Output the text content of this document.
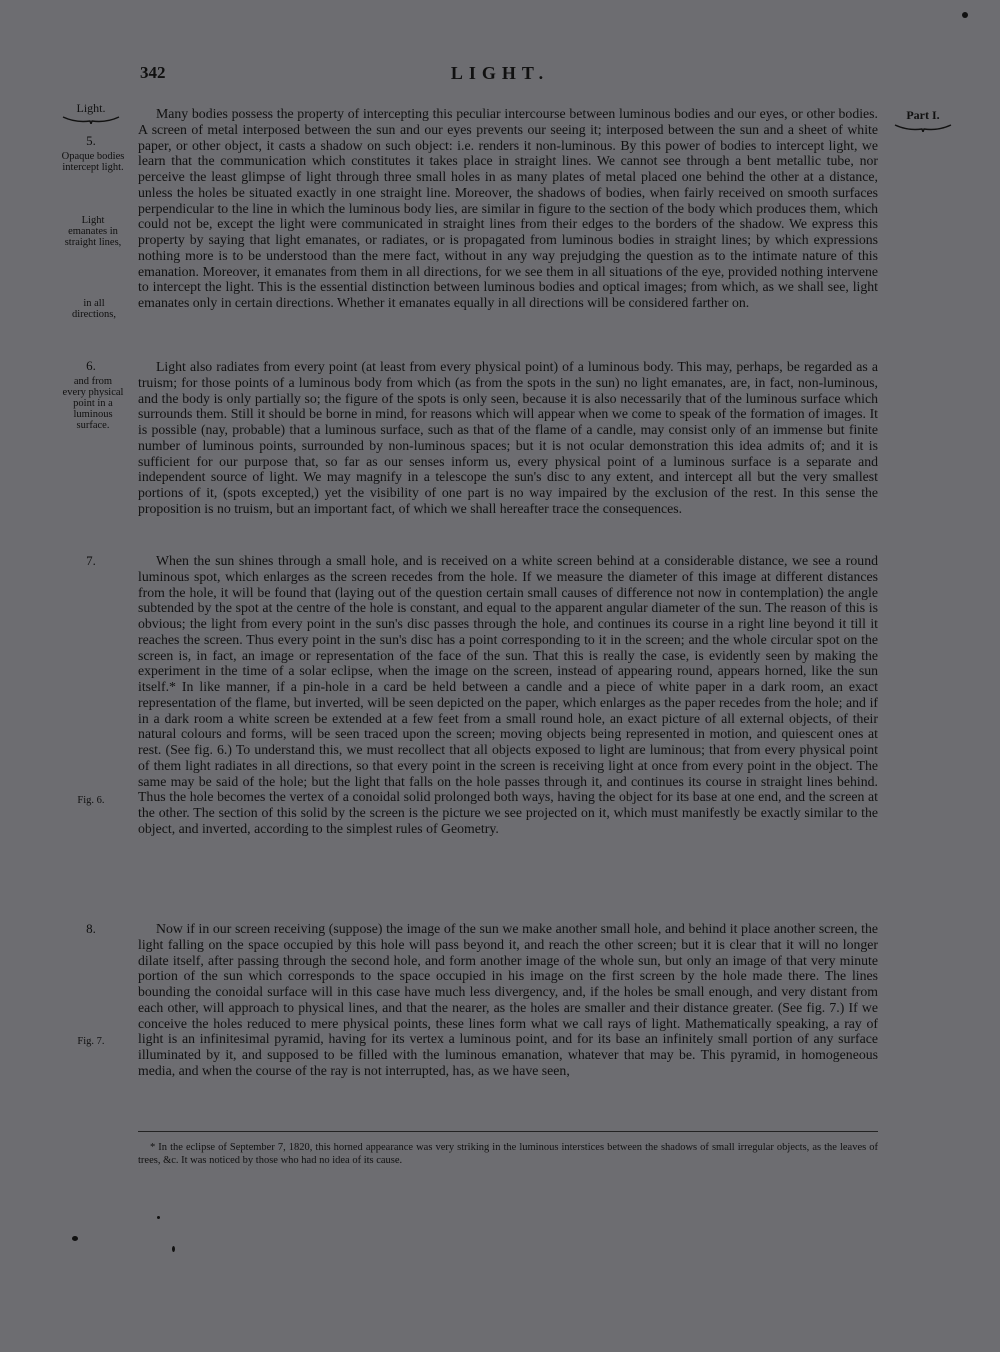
342	LIGHT.
Light.
5.
Opaque bodies intercept light.
Light emanates in straight lines,
in all directions,
6.
and from every physical point in a luminous surface.
7.
Fig. 6.
8.
Fig. 7.
Part I.

Many bodies possess the property of intercepting this peculiar intercourse between luminous bodies and our eyes, or other bodies. A screen of metal interposed between the sun and our eyes prevents our seeing it; interposed between the sun and a sheet of white paper, or other object, it casts a shadow on such object: i.e. renders it non-luminous. By this power of bodies to intercept light, we learn that the communication which constitutes it takes place in straight lines. We cannot see through a bent metallic tube, nor perceive the least glimpse of light through three small holes in as many plates of metal placed one behind the other at a distance, unless the holes be situated exactly in one straight line. Moreover, the shadows of bodies, when fairly received on smooth surfaces perpendicular to the line in which the luminous body lies, are similar in figure to the section of the body which produces them, which could not be, except the light were communicated in straight lines from their edges to the borders of the shadow. We express this property by saying that light emanates, or radiates, or is propagated from luminous bodies in straight lines; by which expressions nothing more is to be understood than the mere fact, without in any way prejudging the question as to the intimate nature of this emanation. Moreover, it emanates from them in all directions, for we see them in all situations of the eye, provided nothing intervene to intercept the light. This is the essential distinction between luminous bodies and optical images; from which, as we shall see, light emanates only in certain directions. Whether it emanates equally in all directions will be considered farther on.

Light also radiates from every point (at least from every physical point) of a luminous body. This may, perhaps, be regarded as a truism; for those points of a luminous body from which (as from the spots in the sun) no light emanates, are, in fact, non-luminous, and the body is only partially so; the figure of the spots is only seen, because it is also necessarily that of the luminous surface which surrounds them. Still it should be borne in mind, for reasons which will appear when we come to speak of the formation of images. It is possible (nay, probable) that a luminous surface, such as that of the flame of a candle, may consist only of an immense but finite number of luminous points, surrounded by non-luminous spaces; but it is not ocular demonstration this idea admits of; and it is sufficient for our purpose that, so far as our senses inform us, every physical point of a luminous surface is a separate and independent source of light. We may magnify in a telescope the sun's disc to any extent, and intercept all but the very smallest portions of it, (spots excepted,) yet the visibility of one part is no way impaired by the exclusion of the rest. In this sense the proposition is no truism, but an important fact, of which we shall hereafter trace the consequences.

When the sun shines through a small hole, and is received on a white screen behind at a considerable distance, we see a round luminous spot, which enlarges as the screen recedes from the hole. If we measure the diameter of this image at different distances from the hole, it will be found that (laying out of the question certain small causes of difference not now in contemplation) the angle subtended by the spot at the centre of the hole is constant, and equal to the apparent angular diameter of the sun. The reason of this is obvious; the light from every point in the sun's disc passes through the hole, and continues its course in a right line beyond it till it reaches the screen. Thus every point in the sun's disc has a point corresponding to it in the screen; and the whole circular spot on the screen is, in fact, an image or representation of the face of the sun. That this is really the case, is evidently seen by making the experiment in the time of a solar eclipse, when the image on the screen, instead of appearing round, appears horned, like the sun itself.* In like manner, if a pin-hole in a card be held between a candle and a piece of white paper in a dark room, an exact representation of the flame, but inverted, will be seen depicted on the paper, which enlarges as the paper recedes from the hole; and if in a dark room a white screen be extended at a few feet from a small round hole, an exact picture of all external objects, of their natural colours and forms, will be seen traced upon the screen; moving objects being represented in motion, and quiescent ones at rest. (See fig. 6.) To understand this, we must recollect that all objects exposed to light are luminous; that from every physical point of them light radiates in all directions, so that every point in the screen is receiving light at once from every point in the object. The same may be said of the hole; but the light that falls on the hole passes through it, and continues its course in straight lines behind. Thus the hole becomes the vertex of a conoidal solid prolonged both ways, having the object for its base at one end, and the screen at the other. The section of this solid by the screen is the picture we see projected on it, which must manifestly be exactly similar to the object, and inverted, according to the simplest rules of Geometry.

Now if in our screen receiving (suppose) the image of the sun we make another small hole, and behind it place another screen, the light falling on the space occupied by this hole will pass beyond it, and reach the other screen; but it is clear that it will no longer dilate itself, after passing through the second hole, and form another image of the whole sun, but only an image of that very minute portion of the sun which corresponds to the space occupied in his image on the first screen by the hole made there. The lines bounding the conoidal surface will in this case have much less divergency, and, if the holes be small enough, and very distant from each other, will approach to physical lines, and that the nearer, as the holes are smaller and their distance greater. (See fig. 7.) If we conceive the holes reduced to mere physical points, these lines form what we call rays of light. Mathematically speaking, a ray of light is an infinitesimal pyramid, having for its vertex a luminous point, and for its base an infinitely small portion of any surface illuminated by it, and supposed to be filled with the luminous emanation, whatever that may be. This pyramid, in homogeneous media, and when the course of the ray is not interrupted, has, as we have seen,

* In the eclipse of September 7, 1820, this horned appearance was very striking in the luminous interstices between the shadows of small irregular objects, as the leaves of trees, &c. It was noticed by those who had no idea of its cause.
